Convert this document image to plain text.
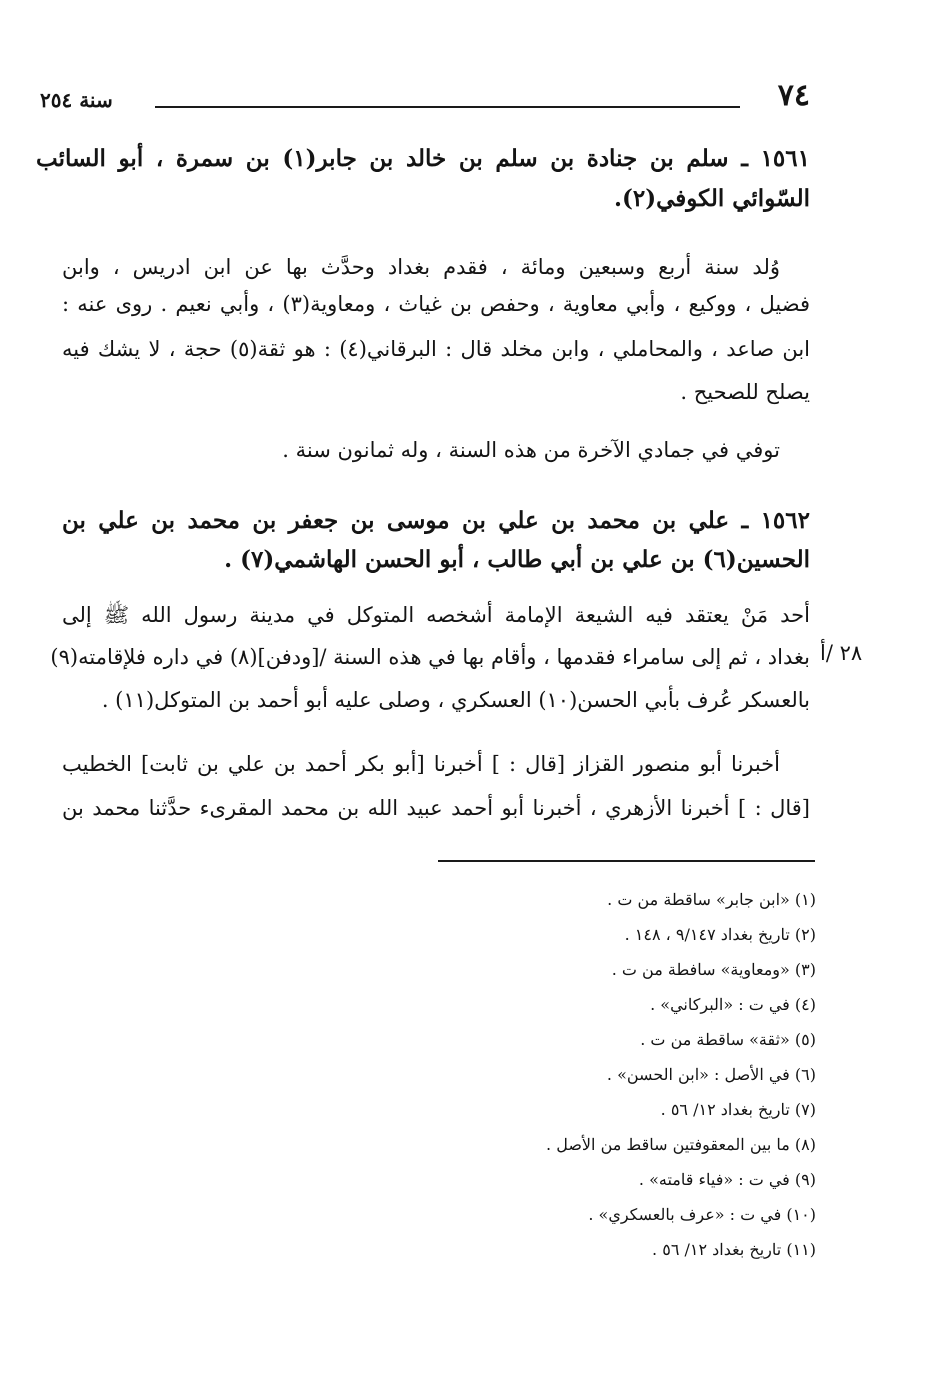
سنة ٢٥٤	٧٤
١٥٦١ ـ سلم بن جنادة بن سلم بن خالد بن جابر(١) بن سمرة ، أبو السائب
السّوائي الكوفي(٢).
وُلد سنة أربع وسبعين ومائة ، فقدم بغداد وحدَّث بها عن ابن ادريس ، وابن
فضيل ، ووكيع ، وأبي معاوية ، وحفص بن غياث ، ومعاوية(٣) ، وأبي نعيم . روى عنه :
ابن صاعد ، والمحاملي ، وابن مخلد قال : البرقاني(٤) : هو ثقة(٥) حجة ، لا يشك فيه
يصلح للصحيح .
توفي في جمادي الآخرة من هذه السنة ، وله ثمانون سنة .
١٥٦٢ ـ علي بن محمد بن علي بن موسى بن جعفر بن محمد بن علي بن
الحسين(٦) بن علي بن أبي طالب ، أبو الحسن الهاشمي(٧) .
أحد مَنْ يعتقد فيه الشيعة الإمامة أشخصه المتوكل في مدينة رسول الله ﷺ إلى
بغداد ، ثم إلى سامراء فقدمها ، وأقام بها في هذه السنة /[ودفن](٨) في داره فلإقامته(٩)
بالعسكر عُرف بأبي الحسن(١٠) العسكري ، وصلى عليه أبو أحمد بن المتوكل(١١) .
٢٨ /أ
أخبرنا أبو منصور القزاز [قال : ] أخبرنا [أبو بكر أحمد بن علي بن ثابت] الخطيب
[قال : ] أخبرنا الأزهري ، أخبرنا أبو أحمد عبيد الله بن محمد المقرىء حدَّثنا محمد بن
(١) «ابن جابر» ساقطة من ت .
(٢) تاريخ بغداد ٩/١٤٧ ، ١٤٨ .
(٣) «ومعاوية» سافطة من ت .
(٤) في ت : «البركاني» .
(٥) «ثقة» ساقطة من ت .
(٦) في الأصل : «ابن الحسن» .
(٧) تاريخ بغداد ١٢/ ٥٦ .
(٨) ما بين المعقوفتين ساقط من الأصل .
(٩) في ت : «فياء قامته» .
(١٠) في ت : «عرف بالعسكري» .
(١١) تاريخ بغداد ١٢/ ٥٦ .
